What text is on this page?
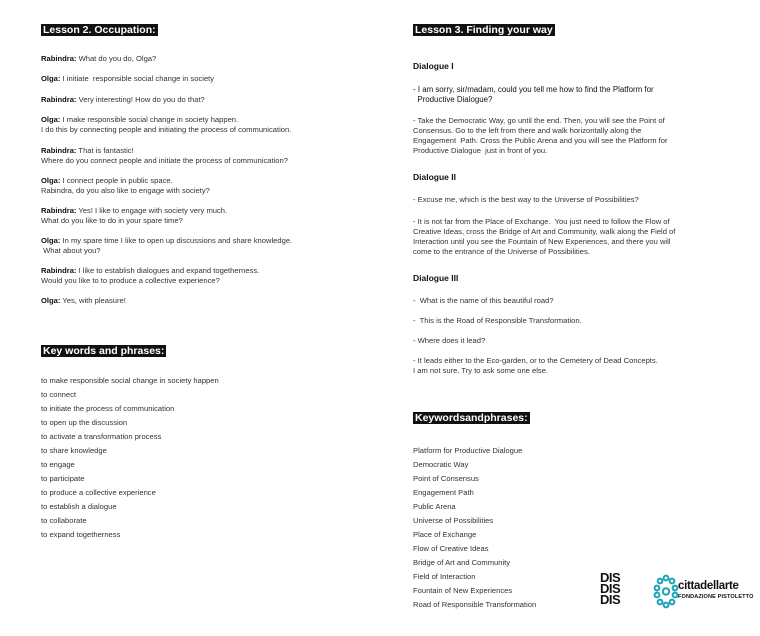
Lesson 2. Occupation:
Rabindra: What do you do, Olga?
Olga: I initiate  responsible social change in society
Rabindra: Very interesting! How do you do that?
Olga: I make responsible social change in society happen.
I do this by connecting people and initiating the process of communication.
Rabindra: That is fantastic!
Where do you connect people and initiate the process of communication?
Olga: I connect people in public space.
Rabindra, do you also like to engage with society?
Rabindra: Yes! I like to engage with society very much.
What do you like to do in your spare time?
Olga: In my spare time I like to open up discussions and share knowledge.
What about you?
Rabindra: I like to establish dialogues and expand togetherness.
Would you like to to produce a collective experience?
Olga: Yes, with pleasure!
Key words and phrases:
to make responsible social change in society happen
to connect
to initiate the process of communication
to open up the discussion
to activate a transformation process
to share knowledge
to engage
to participate
to produce a collective experience
to establish a dialogue
to collaborate
to expand togetherness
Lesson 3. Finding your way
Dialogue I
- I am sorry, sir/madam, could you tell me how to find the Platform for
Productive Dialogue?
- Take the Democratic Way, go until the end. Then, you will see the Point of
Consensus. Go to the left from there and walk horizontally along the
Engagement  Path. Cross the Public Arena and you will see the Platform for
Productive Dialogue  just in front of you.
Dialogue II
- Excuse me, which is the best way to the Universe of Possibilities?
- It is not far from the Place of Exchange.  You just need to follow the Flow of
Creative Ideas, cross the Bridge of Art and Community, walk along the Field of
Interaction until you see the Fountain of New Experiences, and there you will
come to the entrance of the Universe of Possibilities.
Dialogue III
-  What is the name of this beautiful road?
-  This is the Road of Responsible Transformation.
- Where does it lead?
- It leads either to the Eco-garden, or to the Cemetery of Dead Concepts.
I am not sure. Try to ask some one else.
Keywordsandphrases:
Platform for Productive Dialogue
Democratic Way
Point of Consensus
Engagement Path
Public Arena
Universe of Possibilities
Place of Exchange
Flow of Creative Ideas
Bridge of Art and Community
Field of Interaction
Fountain of New Experiences
Road of Responsible Transformation
DIS
DIS
DIS
cittadellarte
FONDAZIONE PISTOLETTO
